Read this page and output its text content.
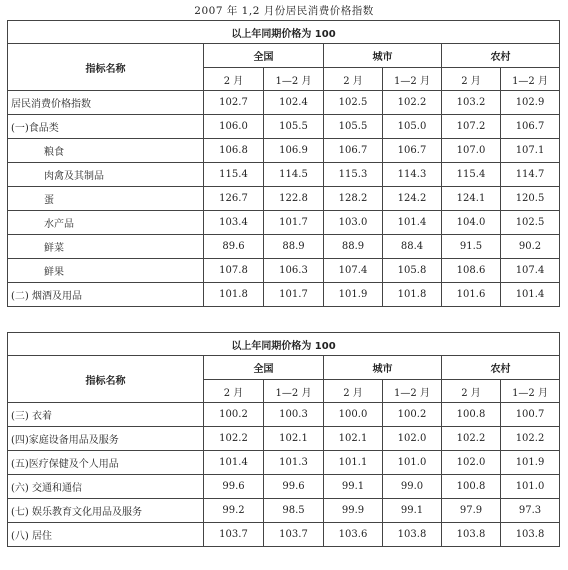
2007 年 1,2 月份居民消费价格指数
以上年同期价格为 100						
指标名称	全国		城市		农村	
	2 月	1—2 月	2 月	1—2 月	2 月	1—2 月
居民消费价格指数	102.7	102.4	102.5	102.2	103.2	102.9
(一)食品类	106.0	105.5	105.5	105.0	107.2	106.7
粮食	106.8	106.9	106.7	106.7	107.0	107.1
肉禽及其制品	115.4	114.5	115.3	114.3	115.4	114.7
蛋	126.7	122.8	128.2	124.2	124.1	120.5
水产品	103.4	101.7	103.0	101.4	104.0	102.5
鲜菜	89.6	88.9	88.9	88.4	91.5	90.2
鲜果	107.8	106.3	107.4	105.8	108.6	107.4
(二) 烟酒及用品	101.8	101.7	101.9	101.8	101.6	101.4
以上年同期价格为 100						
指标名称	全国		城市		农村	
	2 月	1—2 月	2 月	1—2 月	2 月	1—2 月
(三) 衣着	100.2	100.3	100.0	100.2	100.8	100.7
(四)家庭设备用品及服务	102.2	102.1	102.1	102.0	102.2	102.2
(五)医疗保健及个人用品	101.4	101.3	101.1	101.0	102.0	101.9
(六) 交通和通信	99.6	99.6	99.1	99.0	100.8	101.0
(七) 娱乐教育文化用品及服务	99.2	98.5	99.9	99.1	97.9	97.3
(八) 居住	103.7	103.7	103.6	103.8	103.8	103.8
